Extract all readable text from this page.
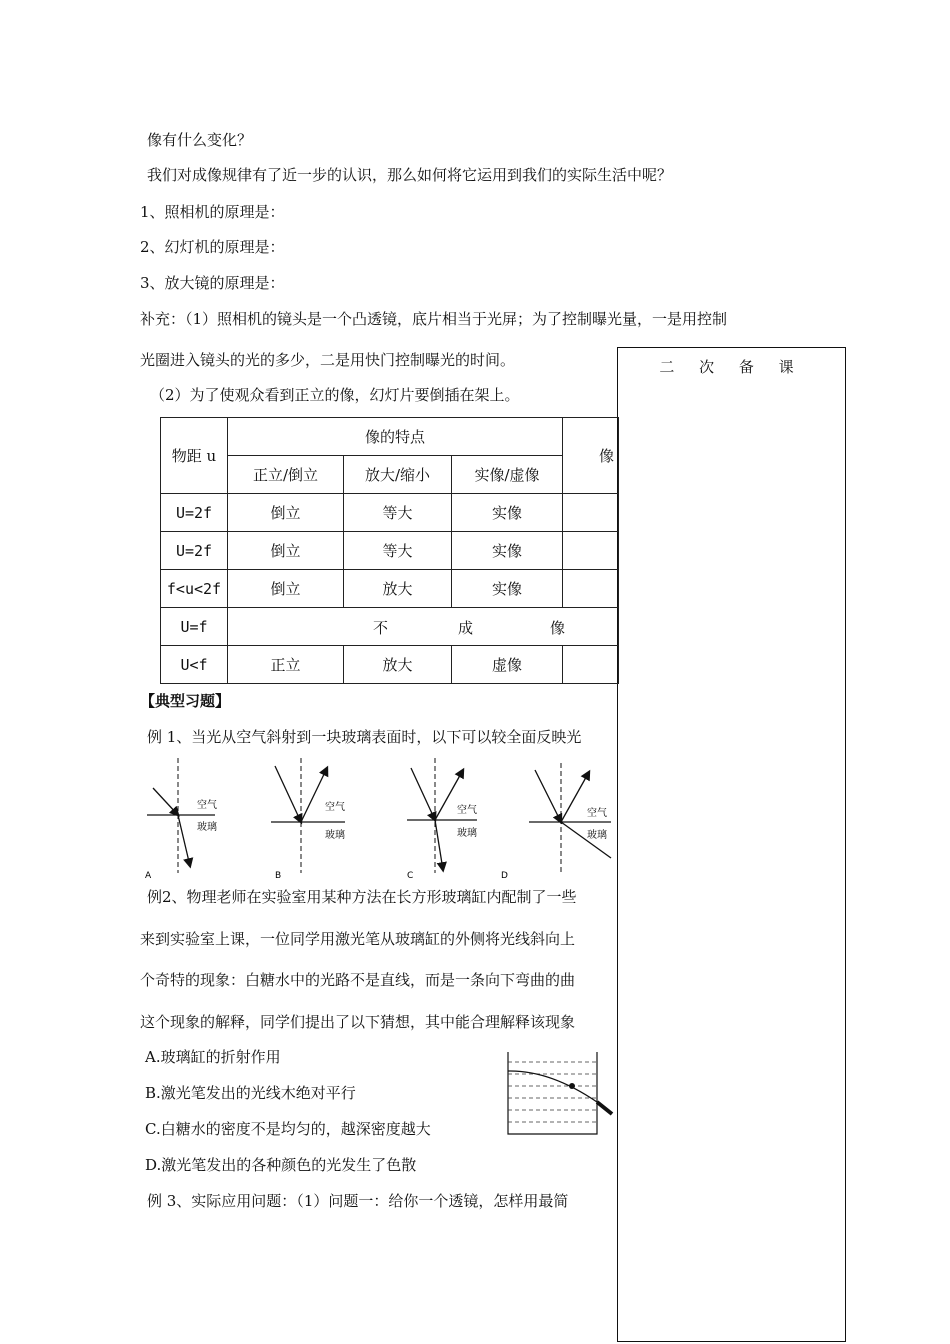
像有什么变化？
我们对成像规律有了近一步的认识，那么如何将它运用到我们的实际生活中呢？
1、照相机的原理是：
2、幻灯机的原理是：
3、放大镜的原理是：
补充：（1）照相机的镜头是一个凸透镜，底片相当于光屏；为了控制曝光量，一是用控制
光圈进入镜头的光的多少，二是用快门控制曝光的时间。
（2）为了使观众看到正立的像，幻灯片要倒插在架上。
二 次 备 课
物距 u	像的特点			像
	正立/倒立	放大/缩小	实像/虚像	
U=2f	倒立	等大	实像	
U=2f	倒立	等大	实像	
f<u<2f	倒立	放大	实像	
U=f	不 成 像			

U<f	正立	放大	虚像	
【典型习题】
例 1、当光从空气斜射到一块玻璃表面时，以下可以较全面反映光
空气
玻璃
A
空气
玻璃
B
空气
玻璃
C
空气
玻璃
D
例2、物理老师在实验室用某种方法在长方形玻璃缸内配制了一些
来到实验室上课，一位同学用激光笔从玻璃缸的外侧将光线斜向上
个奇特的现象：白糖水中的光路不是直线，而是一条向下弯曲的曲
这个现象的解释，同学们提出了以下猜想，其中能合理解释该现象
A.玻璃缸的折射作用
B.激光笔发出的光线木绝对平行
C.白糖水的密度不是均匀的，越深密度越大
D.激光笔发出的各种颜色的光发生了色散
例 3、实际应用问题：（1）问题一：给你一个透镜，怎样用最简
